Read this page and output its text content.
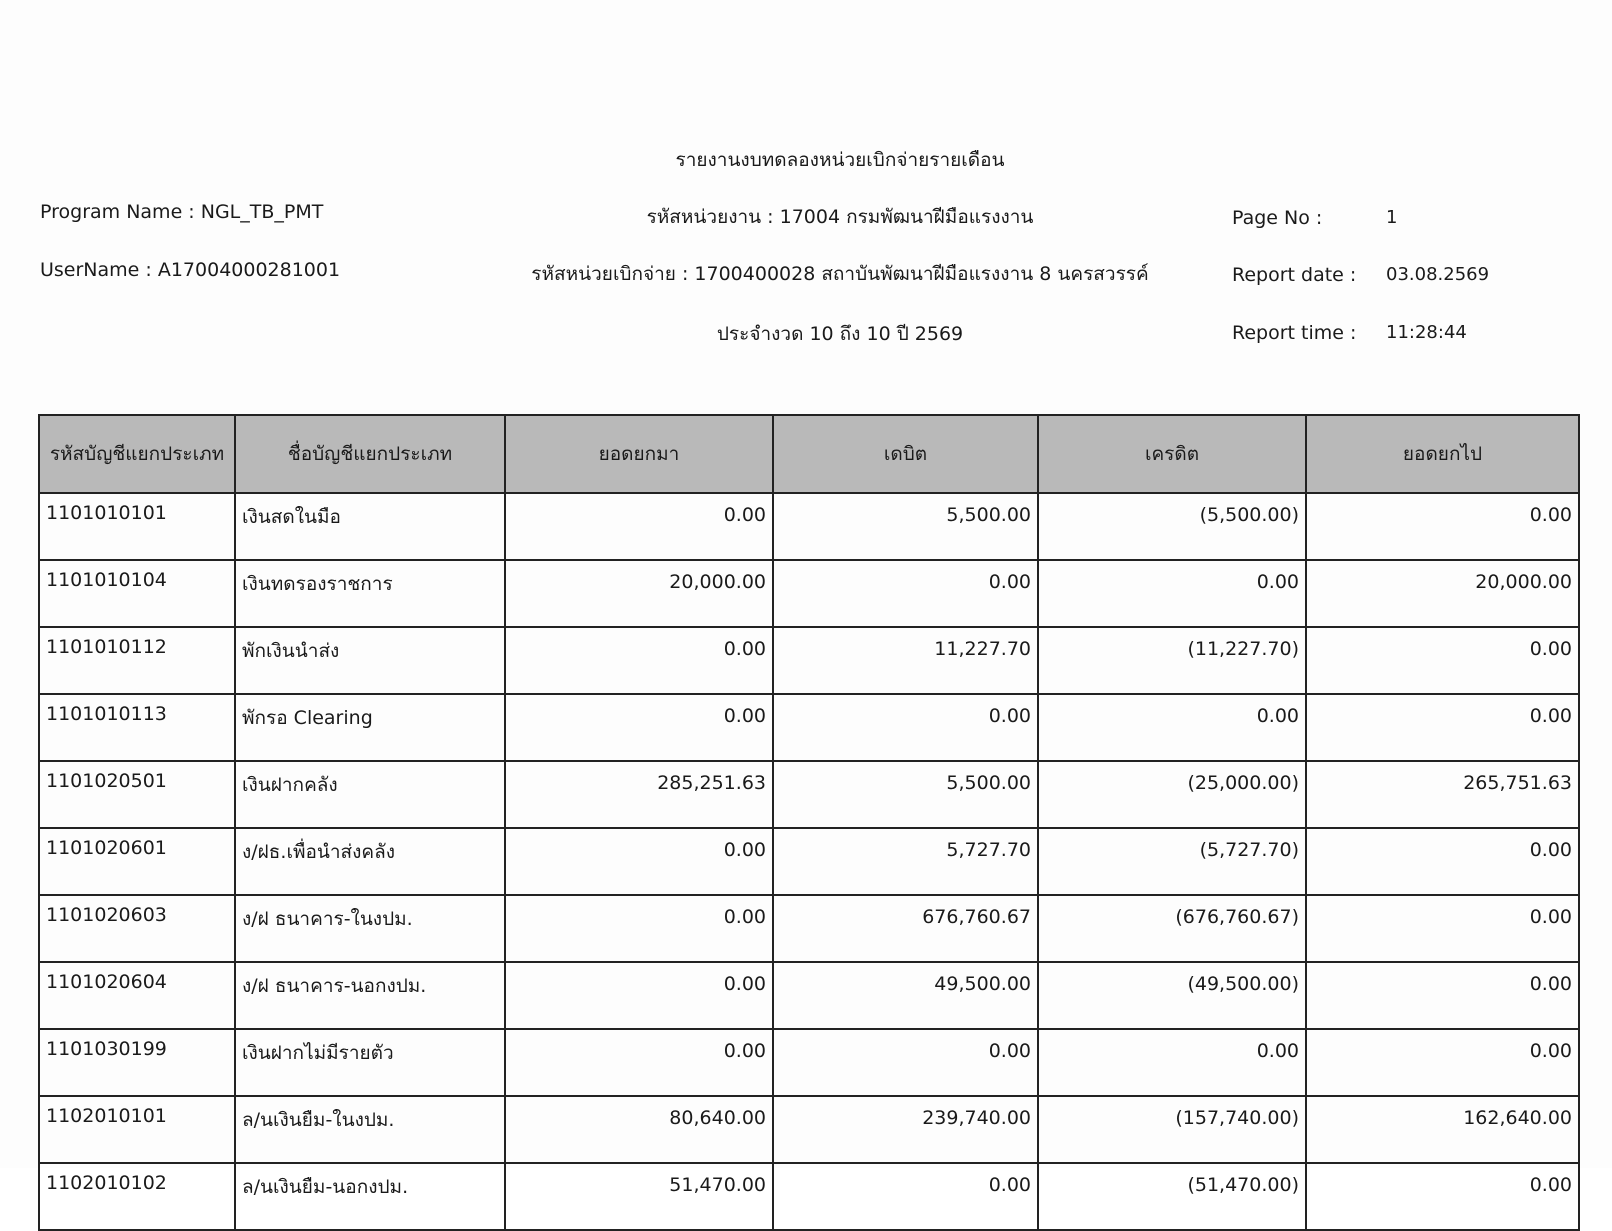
รายงานงบทดลองหน่วยเบิกจ่ายรายเดือน
Program Name : NGL_TB_PMT	รหัสหน่วยงาน : 17004 กรมพัฒนาฝีมือแรงงาน
UserName : A17004000281001	รหัสหน่วยเบิกจ่าย : 1700400028 สถาบันพัฒนาฝีมือแรงงาน 8 นครสวรรค์
ประจำงวด 10 ถึง 10 ปี 2569
Page No :	1
Report date : 03.08.2569
Report time : 11:28:44
รหัสบัญชีแยกประเภท	ชื่อบัญชีแยกประเภท	ยอดยกมา	เดบิต	เครดิต	ยอดยกไป
1101010101	เงินสดในมือ	0.00	5,500.00	(5,500.00)	0.00
1101010104	เงินทดรองราชการ	20,000.00	0.00	0.00	20,000.00
1101010112	พักเงินนำส่ง	0.00	11,227.70	(11,227.70)	0.00
1101010113	พักรอ Clearing	0.00	0.00	0.00	0.00
1101020501	เงินฝากคลัง	285,251.63	5,500.00	(25,000.00)	265,751.63
1101020601	ง/ฝธ.เพื่อนำส่งคลัง	0.00	5,727.70	(5,727.70)	0.00
1101020603	ง/ฝ ธนาคาร-ในงปม.	0.00	676,760.67	(676,760.67)	0.00
1101020604	ง/ฝ ธนาคาร-นอกงปม.	0.00	49,500.00	(49,500.00)	0.00
1101030199	เงินฝากไม่มีรายตัว	0.00	0.00	0.00	0.00
1102010101	ล/นเงินยืม-ในงปม.	80,640.00	239,740.00	(157,740.00)	162,640.00
1102010102	ล/นเงินยืม-นอกงปม.	51,470.00	0.00	(51,470.00)	0.00
